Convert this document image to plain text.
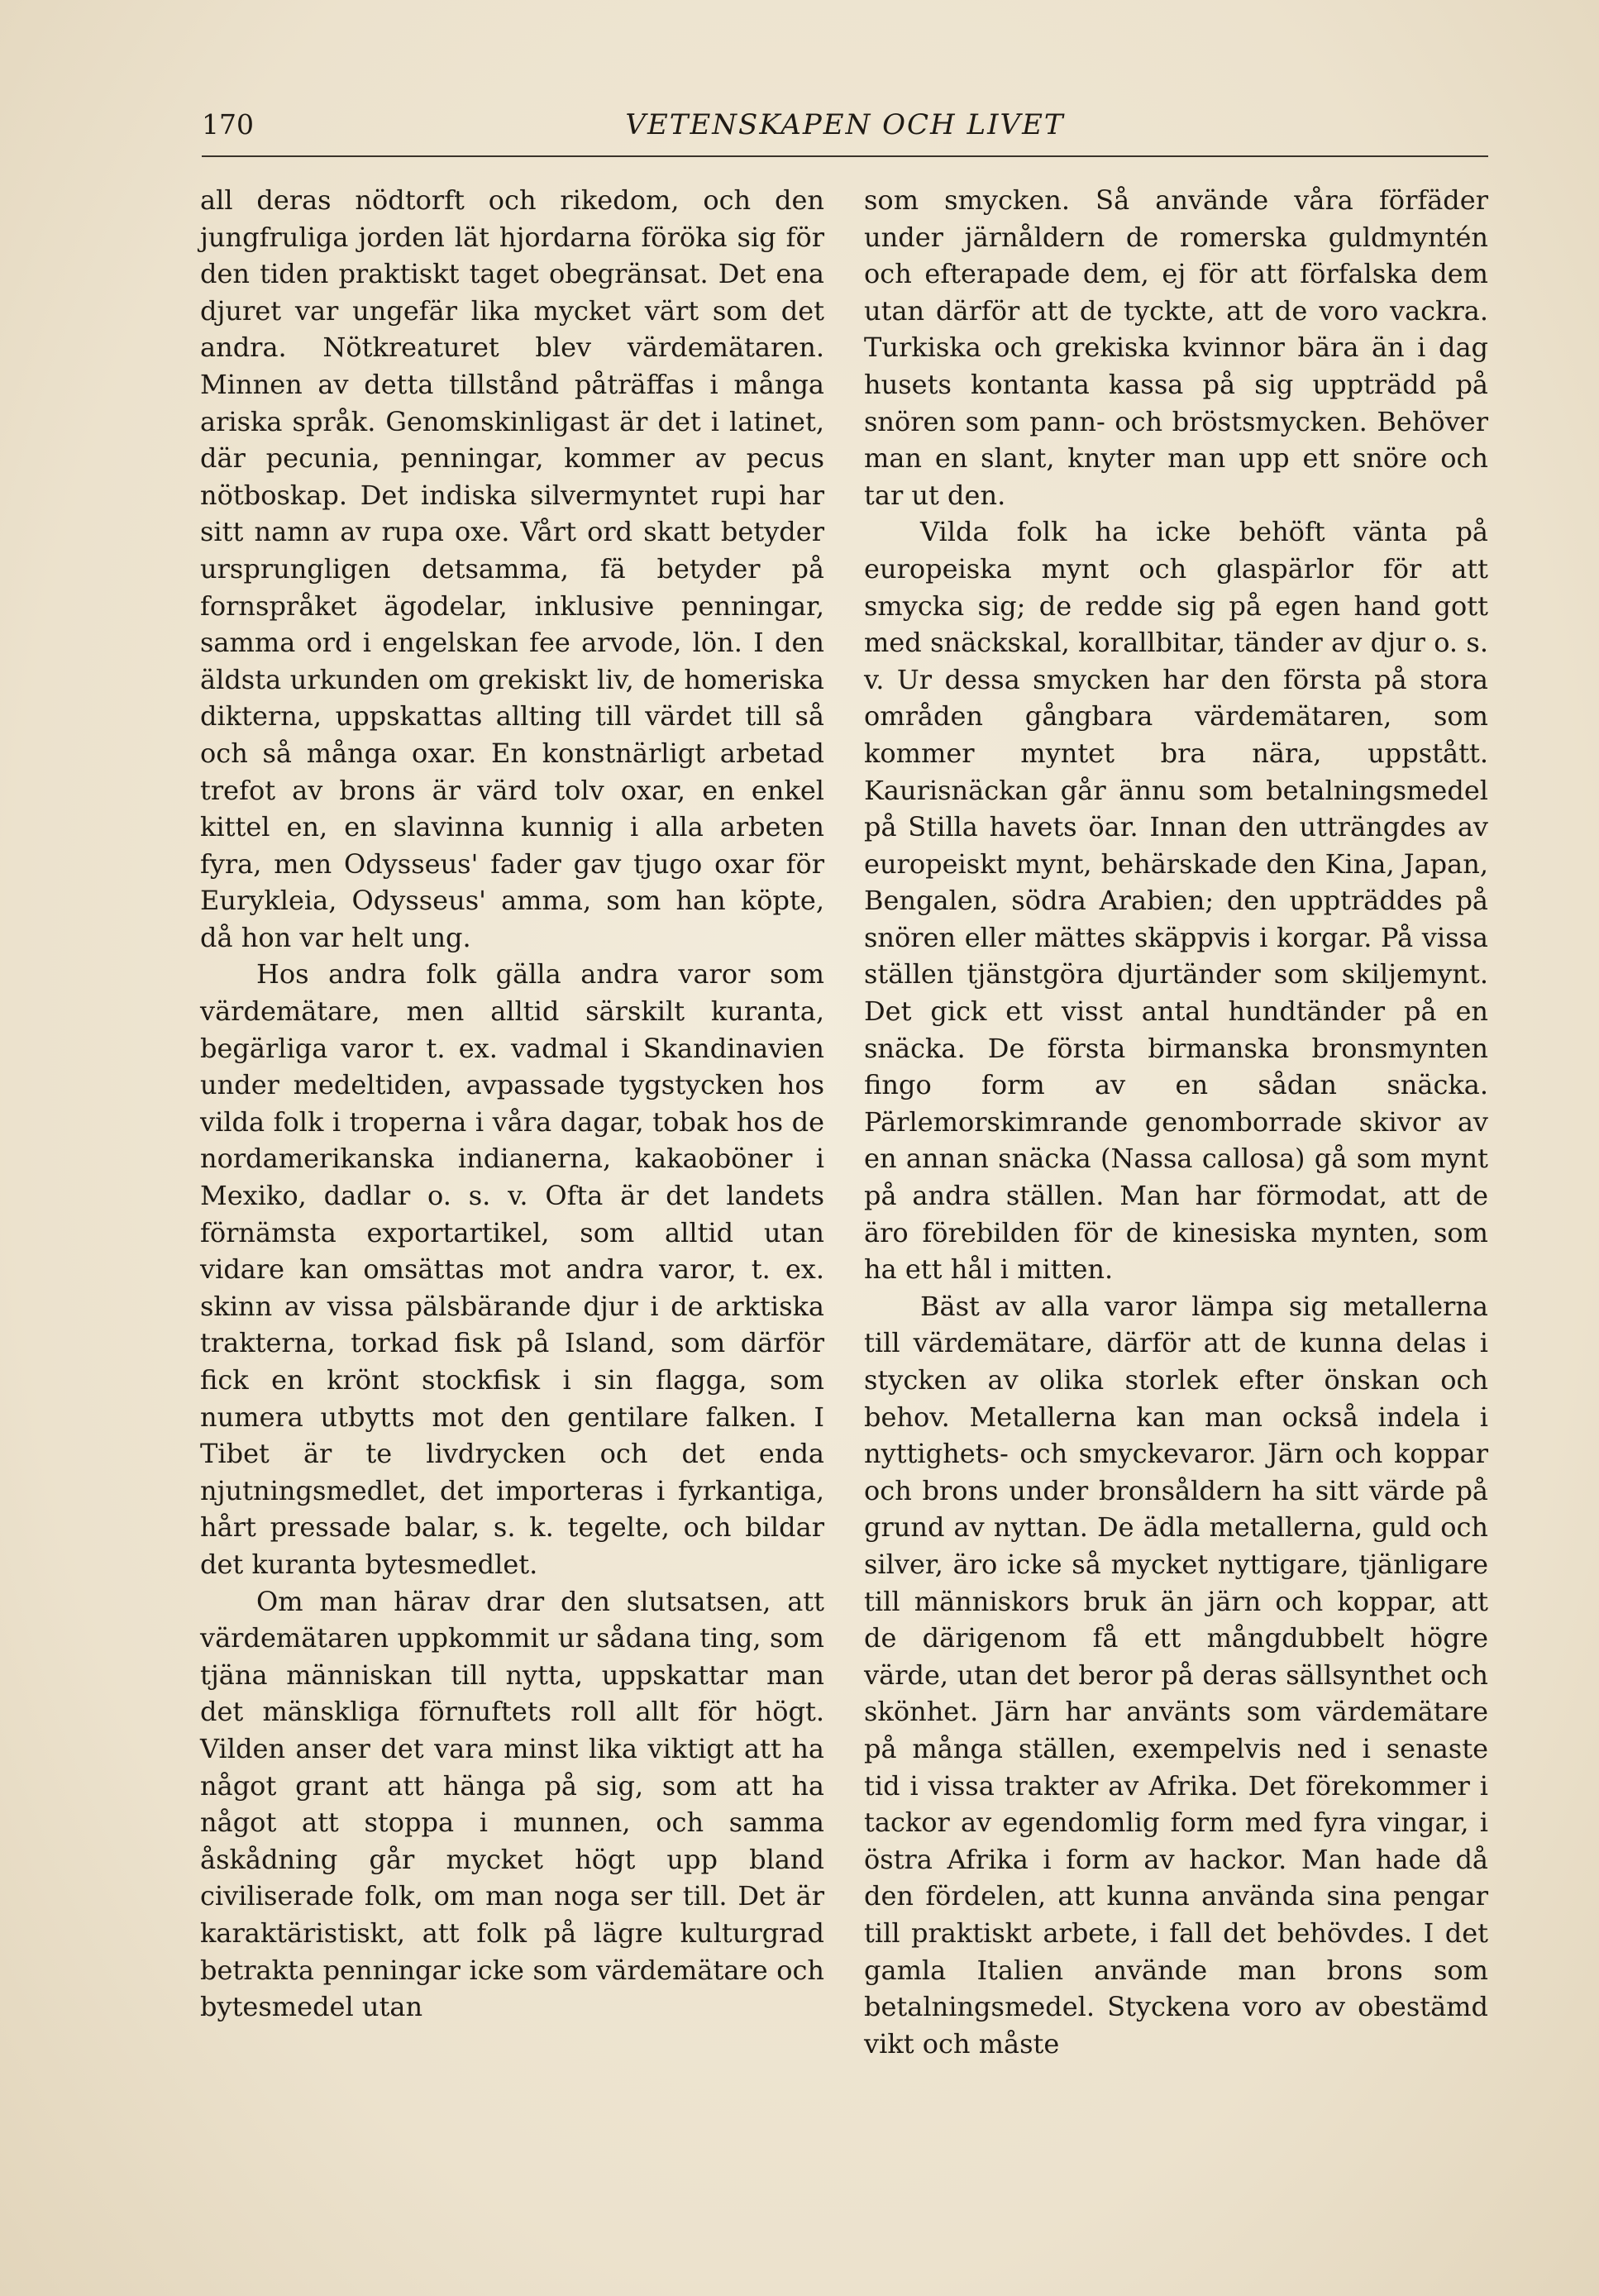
170	VETENSKAPEN OCH LIVET

all deras nödtorft och rikedom, och den jungfruliga jorden lät hjordarna föröka sig för den tiden praktiskt taget obegränsat. Det ena djuret var ungefär lika mycket värt som det andra. Nötkreaturet blev värdemätaren. Minnen av detta tillstånd påträffas i många ariska språk. Genomskinligast är det i latinet, där pecunia, penningar, kommer av pecus nötboskap. Det indiska silvermyntet rupi har sitt namn av rupa oxe. Vårt ord skatt betyder ursprungligen detsamma, fä betyder på fornspråket ägodelar, inklusive penningar, samma ord i engelskan fee arvode, lön. I den äldsta urkunden om grekiskt liv, de homeriska dikterna, uppskattas allting till värdet till så och så många oxar. En konstnärligt arbetad trefot av brons är värd tolv oxar, en enkel kittel en, en slavinna kunnig i alla arbeten fyra, men Odysseus' fader gav tjugo oxar för Eurykleia, Odysseus' amma, som han köpte, då hon var helt ung.

Hos andra folk gälla andra varor som värdemätare, men alltid särskilt kuranta, begärliga varor t. ex. vadmal i Skandinavien under medeltiden, avpassade tygstycken hos vilda folk i troperna i våra dagar, tobak hos de nordamerikanska indianerna, kakaoböner i Mexiko, dadlar o. s. v. Ofta är det landets förnämsta exportartikel, som alltid utan vidare kan omsättas mot andra varor, t. ex. skinn av vissa pälsbärande djur i de arktiska trakterna, torkad fisk på Island, som därför fick en krönt stockfisk i sin flagga, som numera utbytts mot den gentilare falken. I Tibet är te livdrycken och det enda njutningsmedlet, det importeras i fyrkantiga, hårt pressade balar, s. k. tegelte, och bildar det kuranta bytesmedlet.

Om man härav drar den slutsatsen, att värdemätaren uppkommit ur sådana ting, som tjäna människan till nytta, uppskattar man det mänskliga förnuftets roll allt för högt. Vilden anser det vara minst lika viktigt att ha något grant att hänga på sig, som att ha något att stoppa i munnen, och samma åskådning går mycket högt upp bland civiliserade folk, om man noga ser till. Det är karaktäristiskt, att folk på lägre kulturgrad betrakta penningar icke som värdemätare och bytesmedel utan

som smycken. Så använde våra förfäder under järnåldern de romerska guldmyntén och efterapade dem, ej för att förfalska dem utan därför att de tyckte, att de voro vackra. Turkiska och grekiska kvinnor bära än i dag husets kontanta kassa på sig uppträdd på snören som pann- och bröstsmycken. Behöver man en slant, knyter man upp ett snöre och tar ut den.

Vilda folk ha icke behöft vänta på europeiska mynt och glaspärlor för att smycka sig; de redde sig på egen hand gott med snäckskal, korallbitar, tänder av djur o. s. v. Ur dessa smycken har den första på stora områden gångbara värdemätaren, som kommer myntet bra nära, uppstått. Kaurisnäckan går ännu som betalningsmedel på Stilla havets öar. Innan den utträngdes av europeiskt mynt, behärskade den Kina, Japan, Bengalen, södra Arabien; den uppträddes på snören eller mättes skäppvis i korgar. På vissa ställen tjänstgöra djurtänder som skiljemynt. Det gick ett visst antal hundtänder på en snäcka. De första birmanska bronsmynten fingo form av en sådan snäcka. Pärlemorskimrande genomborrade skivor av en annan snäcka (Nassa callosa) gå som mynt på andra ställen. Man har förmodat, att de äro förebilden för de kinesiska mynten, som ha ett hål i mitten.

Bäst av alla varor lämpa sig metallerna till värdemätare, därför att de kunna delas i stycken av olika storlek efter önskan och behov. Metallerna kan man också indela i nyttighets- och smyckevaror. Järn och koppar och brons under bronsåldern ha sitt värde på grund av nyttan. De ädla metallerna, guld och silver, äro icke så mycket nyttigare, tjänligare till människors bruk än järn och koppar, att de därigenom få ett mångdubbelt högre värde, utan det beror på deras sällsynthet och skönhet. Järn har använts som värdemätare på många ställen, exempelvis ned i senaste tid i vissa trakter av Afrika. Det förekommer i tackor av egendomlig form med fyra vingar, i östra Afrika i form av hackor. Man hade då den fördelen, att kunna använda sina pengar till praktiskt arbete, i fall det behövdes. I det gamla Italien använde man brons som betalningsmedel. Styckena voro av obestämd vikt och måste
